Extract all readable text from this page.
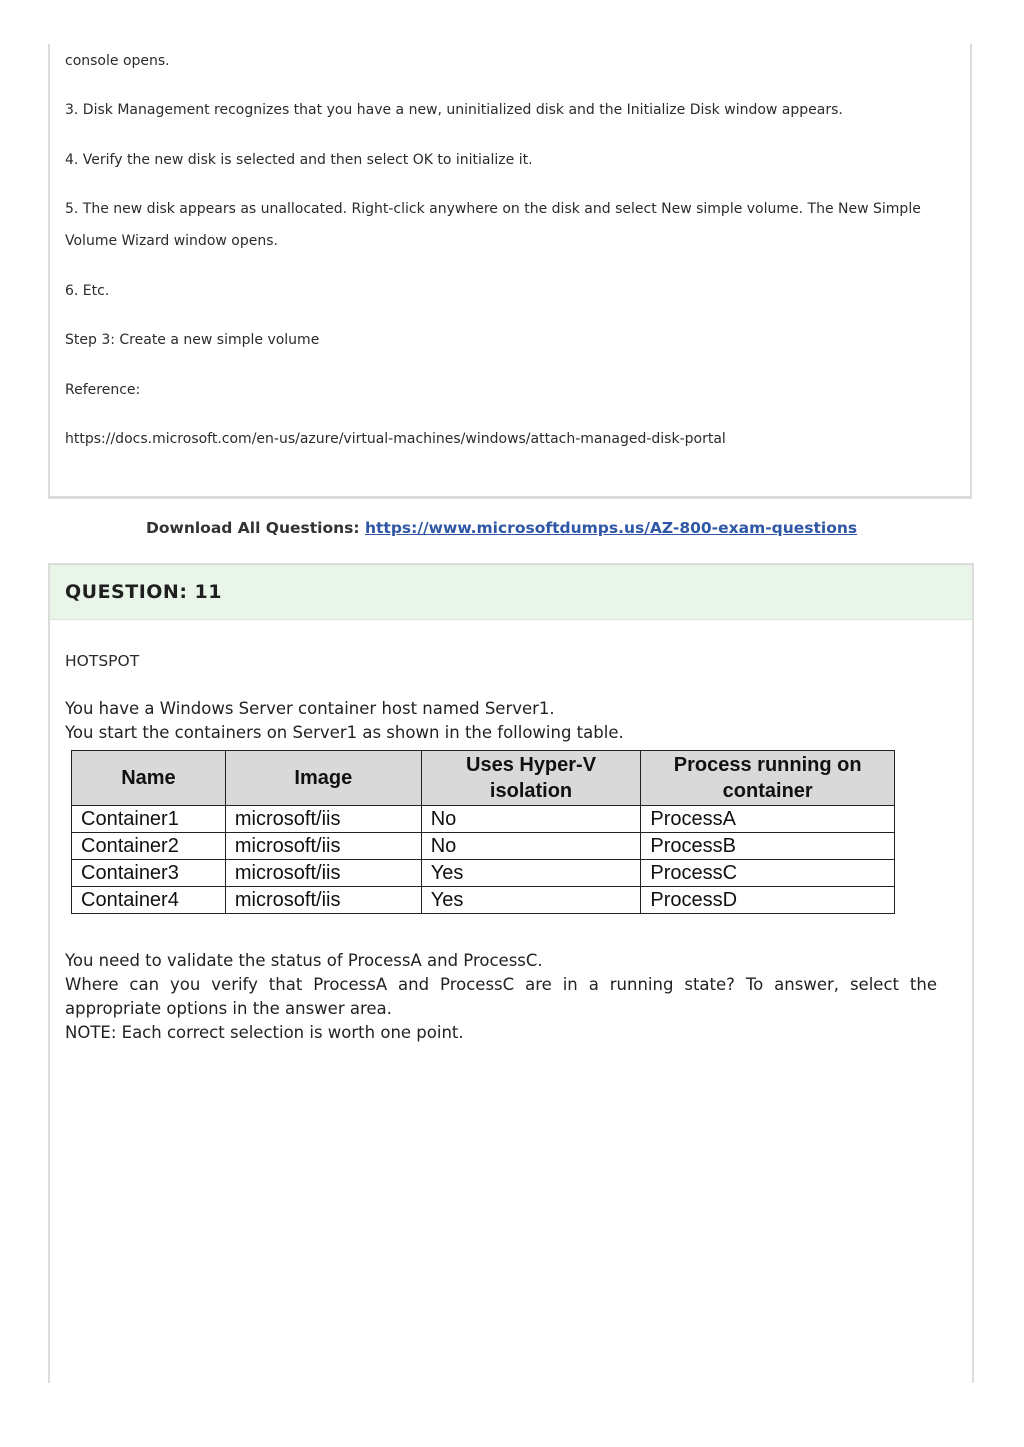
console opens.
3. Disk Management recognizes that you have a new, uninitialized disk and the Initialize Disk window appears.
4. Verify the new disk is selected and then select OK to initialize it.
5. The new disk appears as unallocated. Right-click anywhere on the disk and select New simple volume. The New Simple Volume Wizard window opens.
6. Etc.
Step 3: Create a new simple volume
Reference:
https://docs.microsoft.com/en-us/azure/virtual-machines/windows/attach-managed-disk-portal
Download All Questions: https://www.microsoftdumps.us/AZ-800-exam-questions
QUESTION: 11
HOTSPOT
You have a Windows Server container host named Server1.
You start the containers on Server1 as shown in the following table.
Name	Image	Uses Hyper-V isolation	Process running on container
Container1	microsoft/iis	No	ProcessA
Container2	microsoft/iis	No	ProcessB
Container3	microsoft/iis	Yes	ProcessC
Container4	microsoft/iis	Yes	ProcessD
You need to validate the status of ProcessA and ProcessC.
Where can you verify that ProcessA and ProcessC are in a running state? To answer, select the appropriate options in the answer area.
NOTE: Each correct selection is worth one point.
